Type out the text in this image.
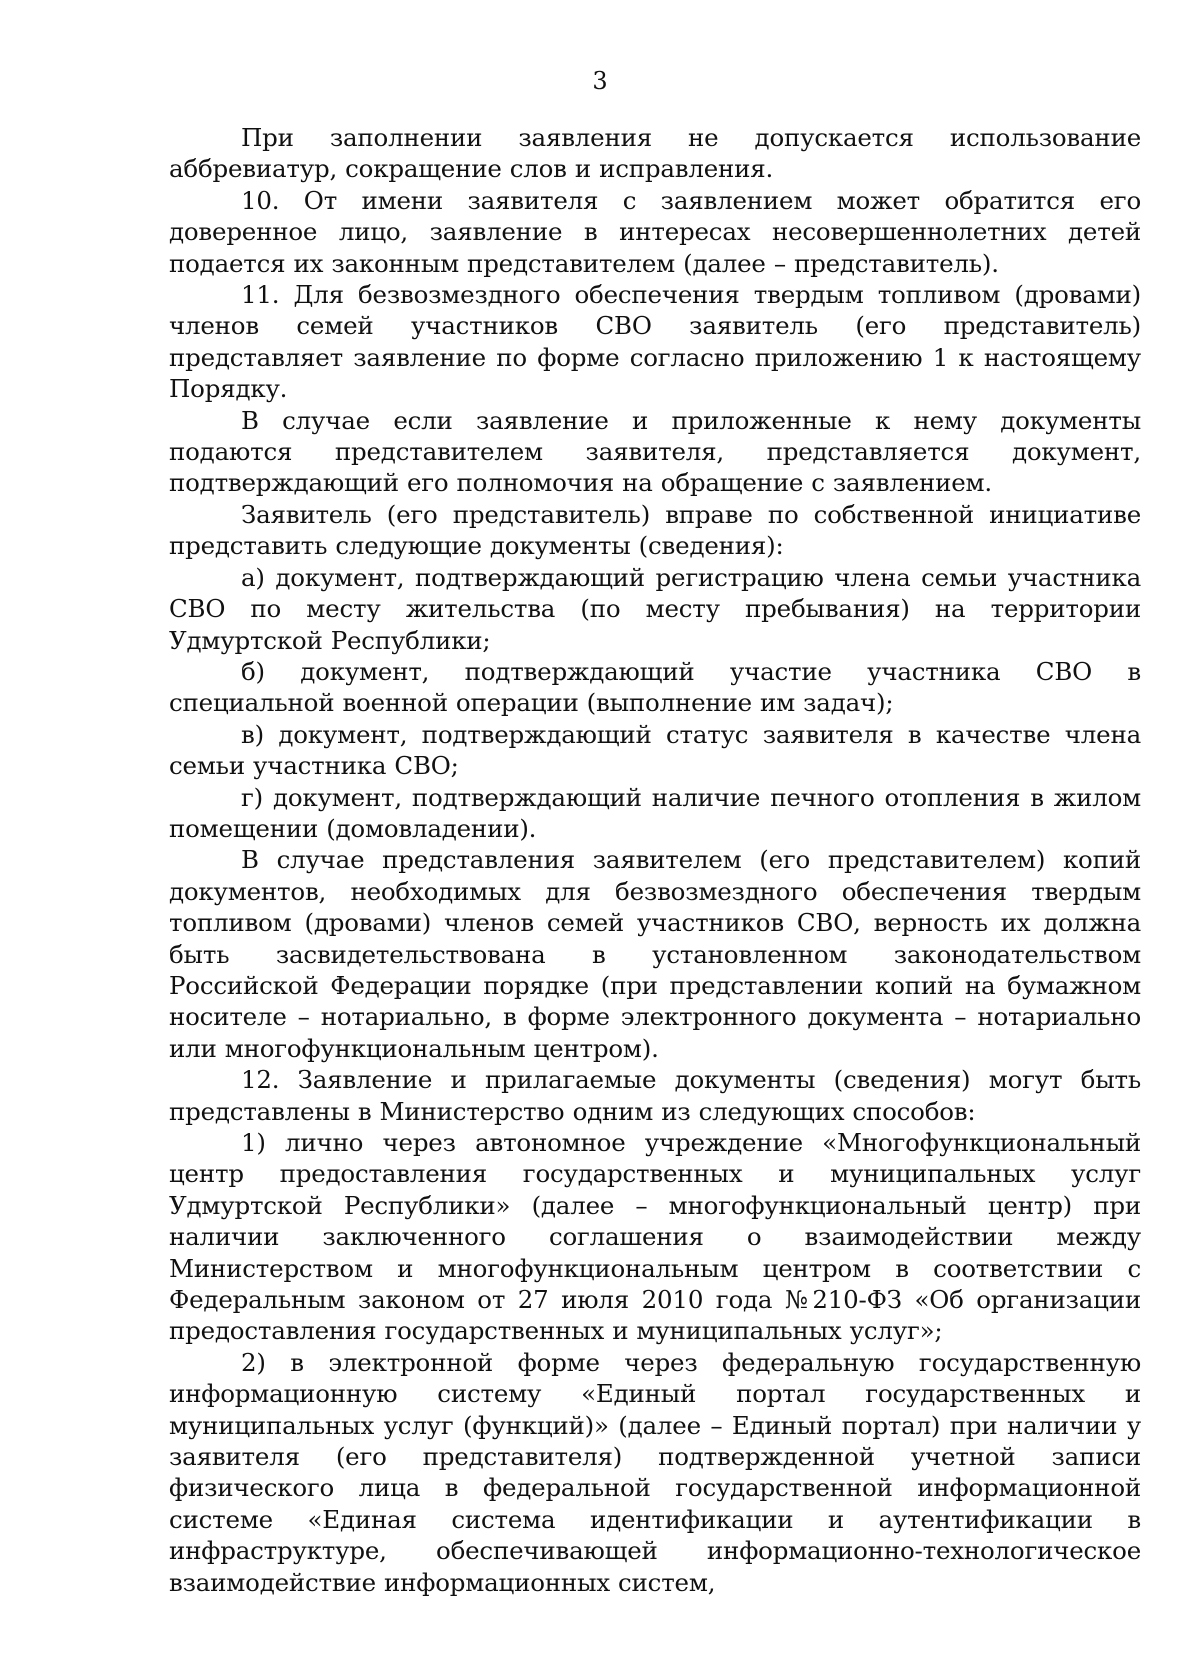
3

При заполнении заявления не допускается использование аббревиатур, сокращение слов и исправления.

10. От имени заявителя с заявлением может обратится его доверенное лицо, заявление в интересах несовершеннолетних детей подается их законным представителем (далее – представитель).

11. Для безвозмездного обеспечения твердым топливом (дровами) членов семей участников СВО заявитель (его представитель) представляет заявление по форме согласно приложению 1 к настоящему Порядку.

В случае если заявление и приложенные к нему документы подаются представителем заявителя, представляется документ, подтверждающий его полномочия на обращение с заявлением.

Заявитель (его представитель) вправе по собственной инициативе представить следующие документы (сведения):

а) документ, подтверждающий регистрацию члена семьи участника СВО по месту жительства (по месту пребывания) на территории Удмуртской Республики;

б) документ, подтверждающий участие участника СВО в специальной военной операции (выполнение им задач);

в) документ, подтверждающий статус заявителя в качестве члена семьи участника СВО;

г) документ, подтверждающий наличие печного отопления в жилом помещении (домовладении).

В случае представления заявителем (его представителем) копий документов, необходимых для безвозмездного обеспечения твердым топливом (дровами) членов семей участников СВО, верность их должна быть засвидетельствована в установленном законодательством Российской Федерации порядке (при представлении копий на бумажном носителе – нотариально, в форме электронного документа – нотариально или многофункциональным центром).

12. Заявление и прилагаемые документы (сведения) могут быть представлены в Министерство одним из следующих способов:

1) лично через автономное учреждение «Многофункциональный центр предоставления государственных и муниципальных услуг Удмуртской Республики» (далее – многофункциональный центр) при наличии заключенного соглашения о взаимодействии между Министерством и многофункциональным центром в соответствии с Федеральным законом от 27 июля 2010 года №210-ФЗ «Об организации предоставления государственных и муниципальных услуг»;

2) в электронной форме через федеральную государственную информационную систему «Единый портал государственных и муниципальных услуг (функций)» (далее – Единый портал) при наличии у заявителя (его представителя) подтвержденной учетной записи физического лица в федеральной государственной информационной системе «Единая система идентификации и аутентификации в инфраструктуре, обеспечивающей информационно-технологическое взаимодействие информационных систем,
